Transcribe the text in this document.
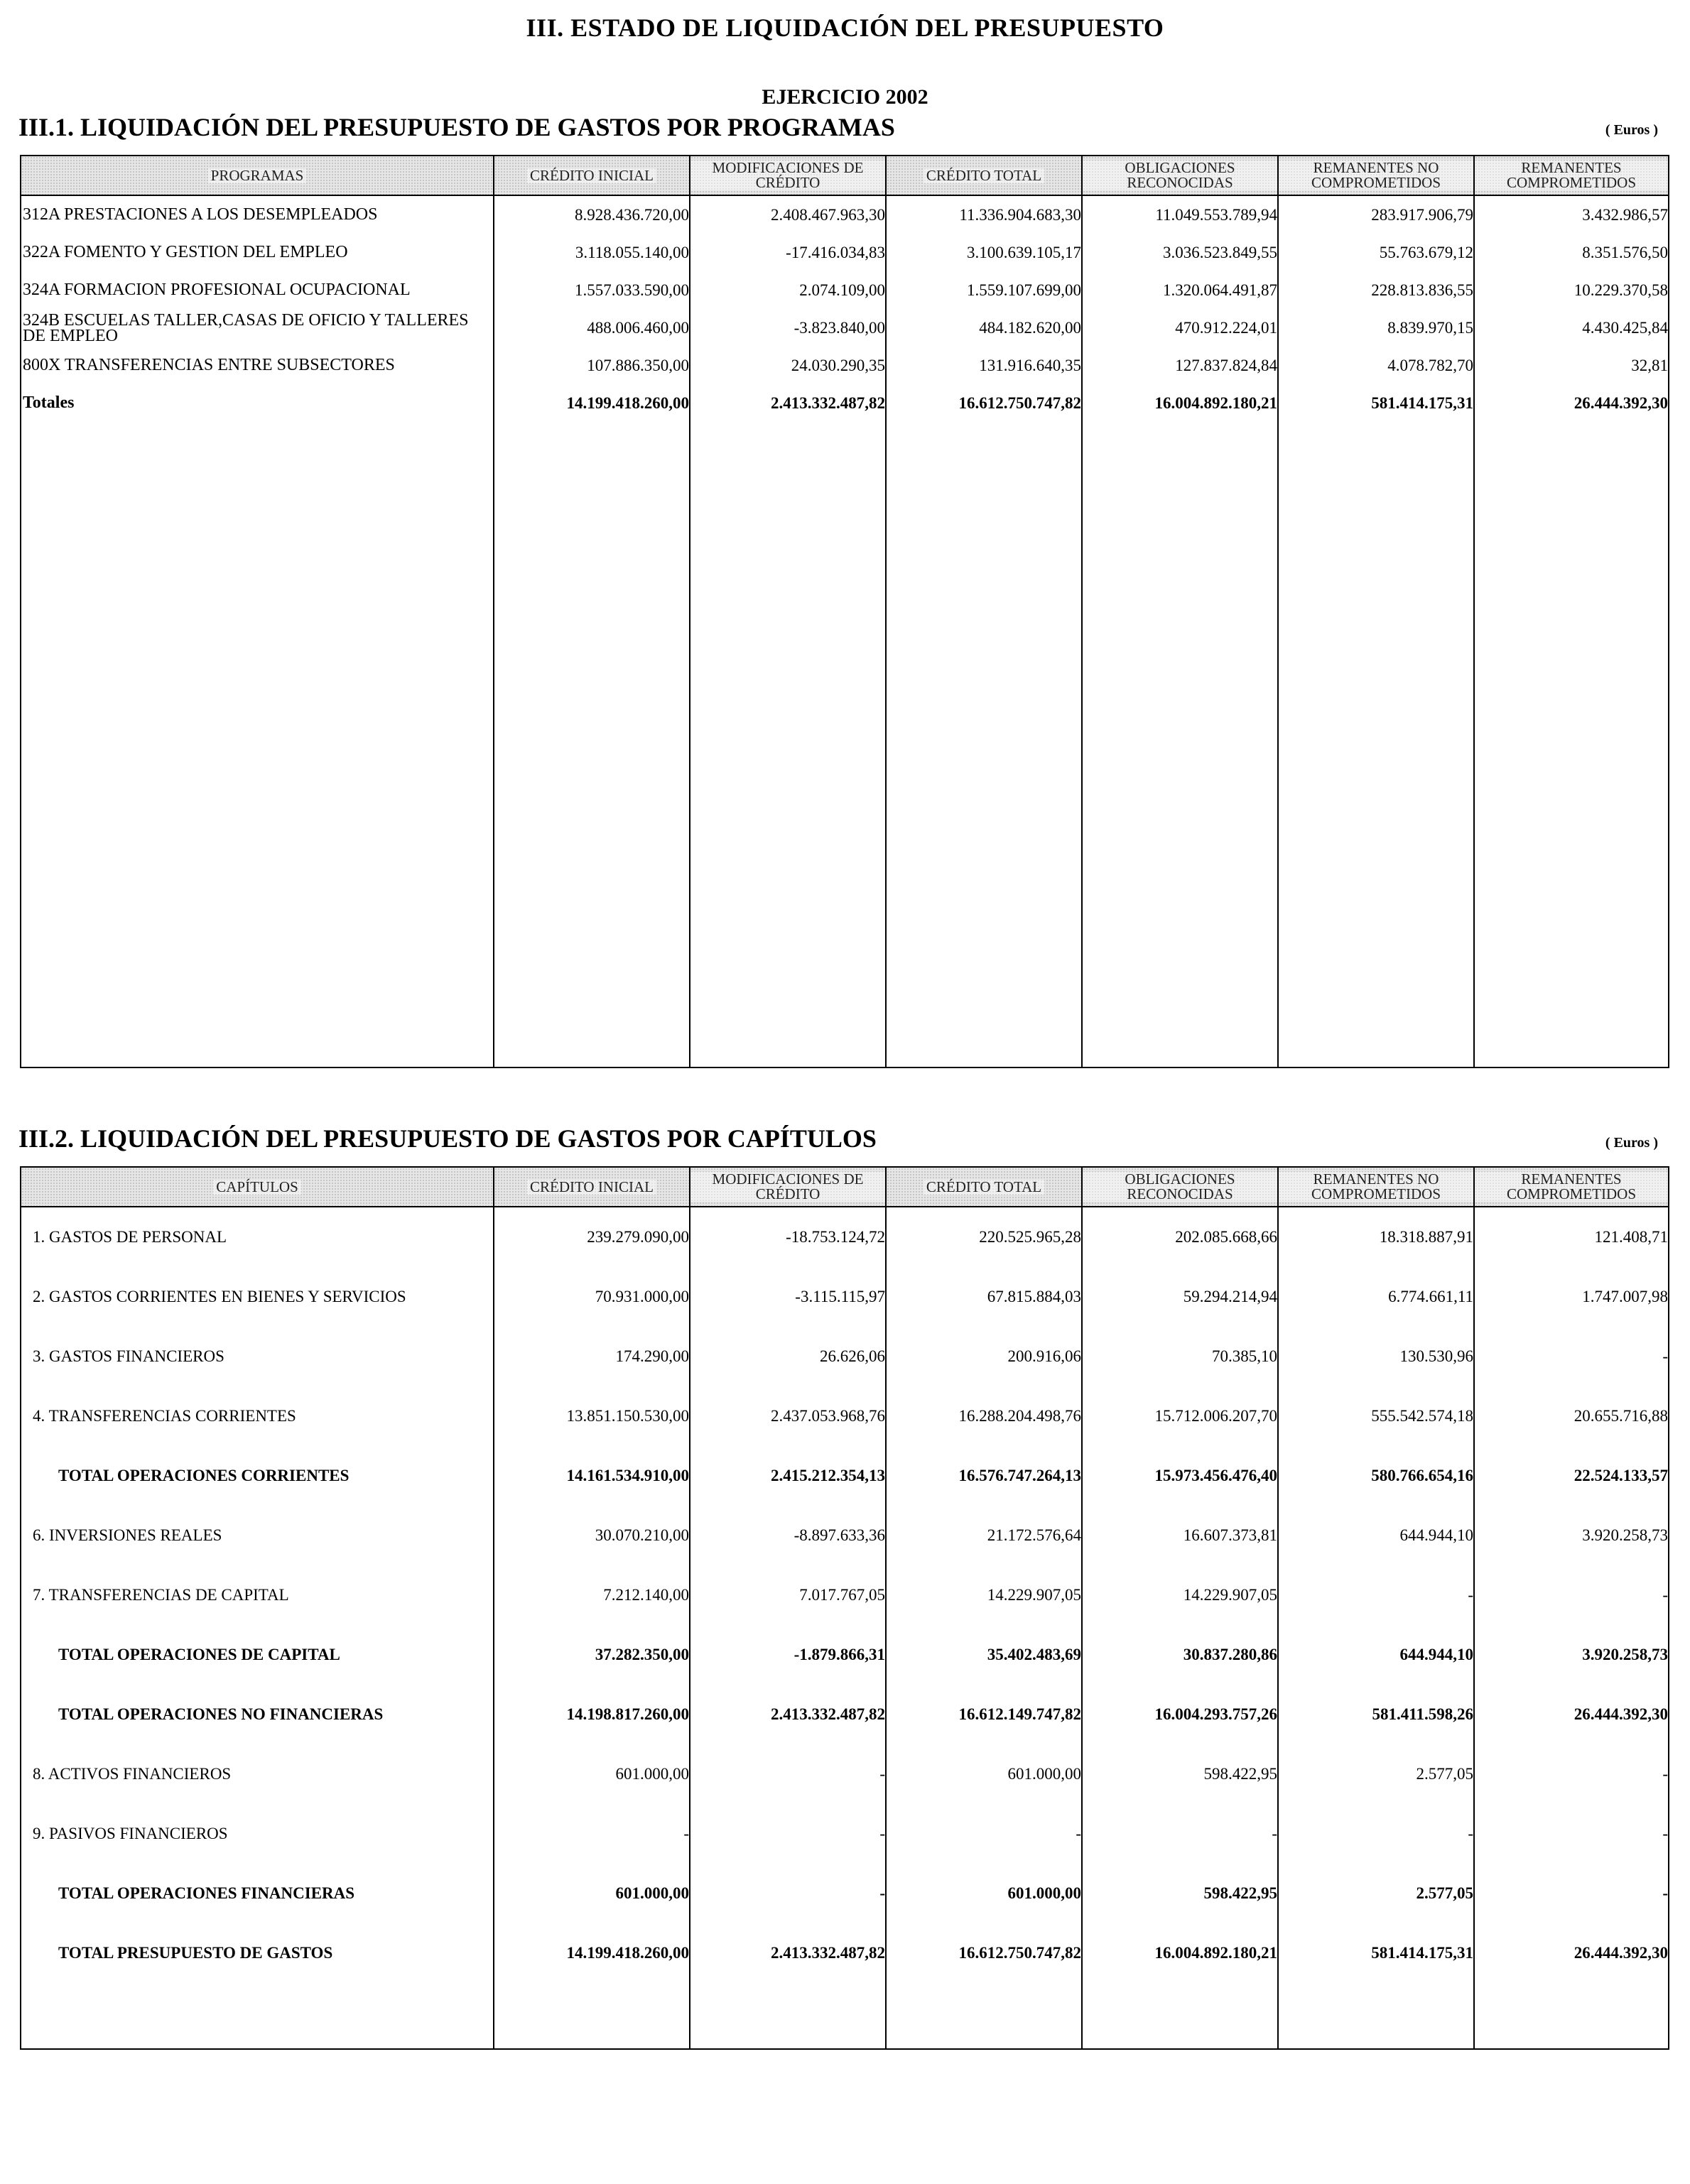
III. ESTADO DE LIQUIDACIÓN DEL PRESUPUESTO
EJERCICIO 2002
III.1. LIQUIDACIÓN DEL PRESUPUESTO DE GASTOS POR PROGRAMAS	( Euros )
PROGRAMAS	CRÉDITO INICIAL	MODIFICACIONES DE CRÉDITO	CRÉDITO TOTAL	OBLIGACIONES RECONOCIDAS	REMANENTES NO COMPROMETIDOS	REMANENTES COMPROMETIDOS
312A PRESTACIONES A LOS DESEMPLEADOS	8.928.436.720,00	2.408.467.963,30	11.336.904.683,30	11.049.553.789,94	283.917.906,79	3.432.986,57
322A FOMENTO Y GESTION DEL EMPLEO	3.118.055.140,00	-17.416.034,83	3.100.639.105,17	3.036.523.849,55	55.763.679,12	8.351.576,50
324A FORMACION PROFESIONAL OCUPACIONAL	1.557.033.590,00	2.074.109,00	1.559.107.699,00	1.320.064.491,87	228.813.836,55	10.229.370,58

324B ESCUELAS TALLER,CASAS DE OFICIO Y TALLERES DE EMPLEO	488.006.460,00	-3.823.840,00	484.182.620,00	470.912.224,01	8.839.970,15	4.430.425,84
800X TRANSFERENCIAS ENTRE SUBSECTORES	107.886.350,00	24.030.290,35	131.916.640,35	127.837.824,84	4.078.782,70	32,81
Totales	14.199.418.260,00	2.413.332.487,82	16.612.750.747,82	16.004.892.180,21	581.414.175,31	26.444.392,30

III.2. LIQUIDACIÓN DEL PRESUPUESTO DE GASTOS POR CAPÍTULOS	( Euros )
CAPÍTULOS	CRÉDITO INICIAL	MODIFICACIONES DE CRÉDITO	CRÉDITO TOTAL	OBLIGACIONES RECONOCIDAS	REMANENTES NO COMPROMETIDOS	REMANENTES COMPROMETIDOS
1. GASTOS DE PERSONAL	239.279.090,00	-18.753.124,72	220.525.965,28	202.085.668,66	18.318.887,91	121.408,71
2. GASTOS CORRIENTES EN BIENES Y SERVICIOS	70.931.000,00	-3.115.115,97	67.815.884,03	59.294.214,94	6.774.661,11	1.747.007,98
3. GASTOS FINANCIEROS	174.290,00	26.626,06	200.916,06	70.385,10	130.530,96	-
4. TRANSFERENCIAS CORRIENTES	13.851.150.530,00	2.437.053.968,76	16.288.204.498,76	15.712.006.207,70	555.542.574,18	20.655.716,88
TOTAL OPERACIONES CORRIENTES	14.161.534.910,00	2.415.212.354,13	16.576.747.264,13	15.973.456.476,40	580.766.654,16	22.524.133,57
6. INVERSIONES REALES	30.070.210,00	-8.897.633,36	21.172.576,64	16.607.373,81	644.944,10	3.920.258,73
7. TRANSFERENCIAS DE CAPITAL	7.212.140,00	7.017.767,05	14.229.907,05	14.229.907,05	-	-
TOTAL OPERACIONES DE CAPITAL	37.282.350,00	-1.879.866,31	35.402.483,69	30.837.280,86	644.944,10	3.920.258,73
TOTAL OPERACIONES NO FINANCIERAS	14.198.817.260,00	2.413.332.487,82	16.612.149.747,82	16.004.293.757,26	581.411.598,26	26.444.392,30
8. ACTIVOS FINANCIEROS	601.000,00	-	601.000,00	598.422,95	2.577,05	-
9. PASIVOS FINANCIEROS	-	-	-	-	-	-
TOTAL OPERACIONES FINANCIERAS	601.000,00	-	601.000,00	598.422,95	2.577,05	-
TOTAL PRESUPUESTO DE GASTOS	14.199.418.260,00	2.413.332.487,82	16.612.750.747,82	16.004.892.180,21	581.414.175,31	26.444.392,30
